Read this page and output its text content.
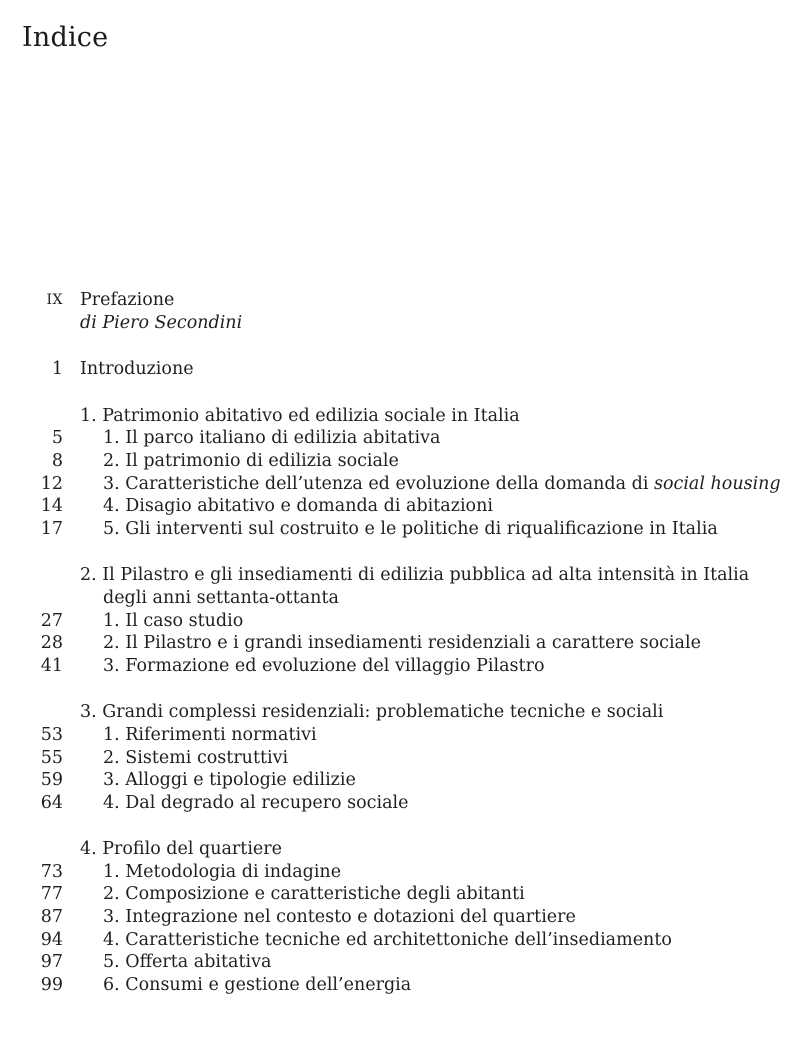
Indice
IX Prefazione
di Piero Secondini
1 Introduzione
1. Patrimonio abitativo ed edilizia sociale in Italia
5 1. Il parco italiano di edilizia abitativa
8 2. Il patrimonio di edilizia sociale
12 3. Caratteristiche dell’utenza ed evoluzione della domanda di social housing
14 4. Disagio abitativo e domanda di abitazioni
17 5. Gli interventi sul costruito e le politiche di riqualificazione in Italia
2. Il Pilastro e gli insediamenti di edilizia pubblica ad alta intensità in Italia
degli anni settanta-ottanta
27 1. Il caso studio
28 2. Il Pilastro e i grandi insediamenti residenziali a carattere sociale
41 3. Formazione ed evoluzione del villaggio Pilastro
3. Grandi complessi residenziali: problematiche tecniche e sociali
53 1. Riferimenti normativi
55 2. Sistemi costruttivi
59 3. Alloggi e tipologie edilizie
64 4. Dal degrado al recupero sociale
4. Profilo del quartiere
73 1. Metodologia di indagine
77 2. Composizione e caratteristiche degli abitanti
87 3. Integrazione nel contesto e dotazioni del quartiere
94 4. Caratteristiche tecniche ed architettoniche dell’insediamento
97 5. Offerta abitativa
99 6. Consumi e gestione dell’energia
